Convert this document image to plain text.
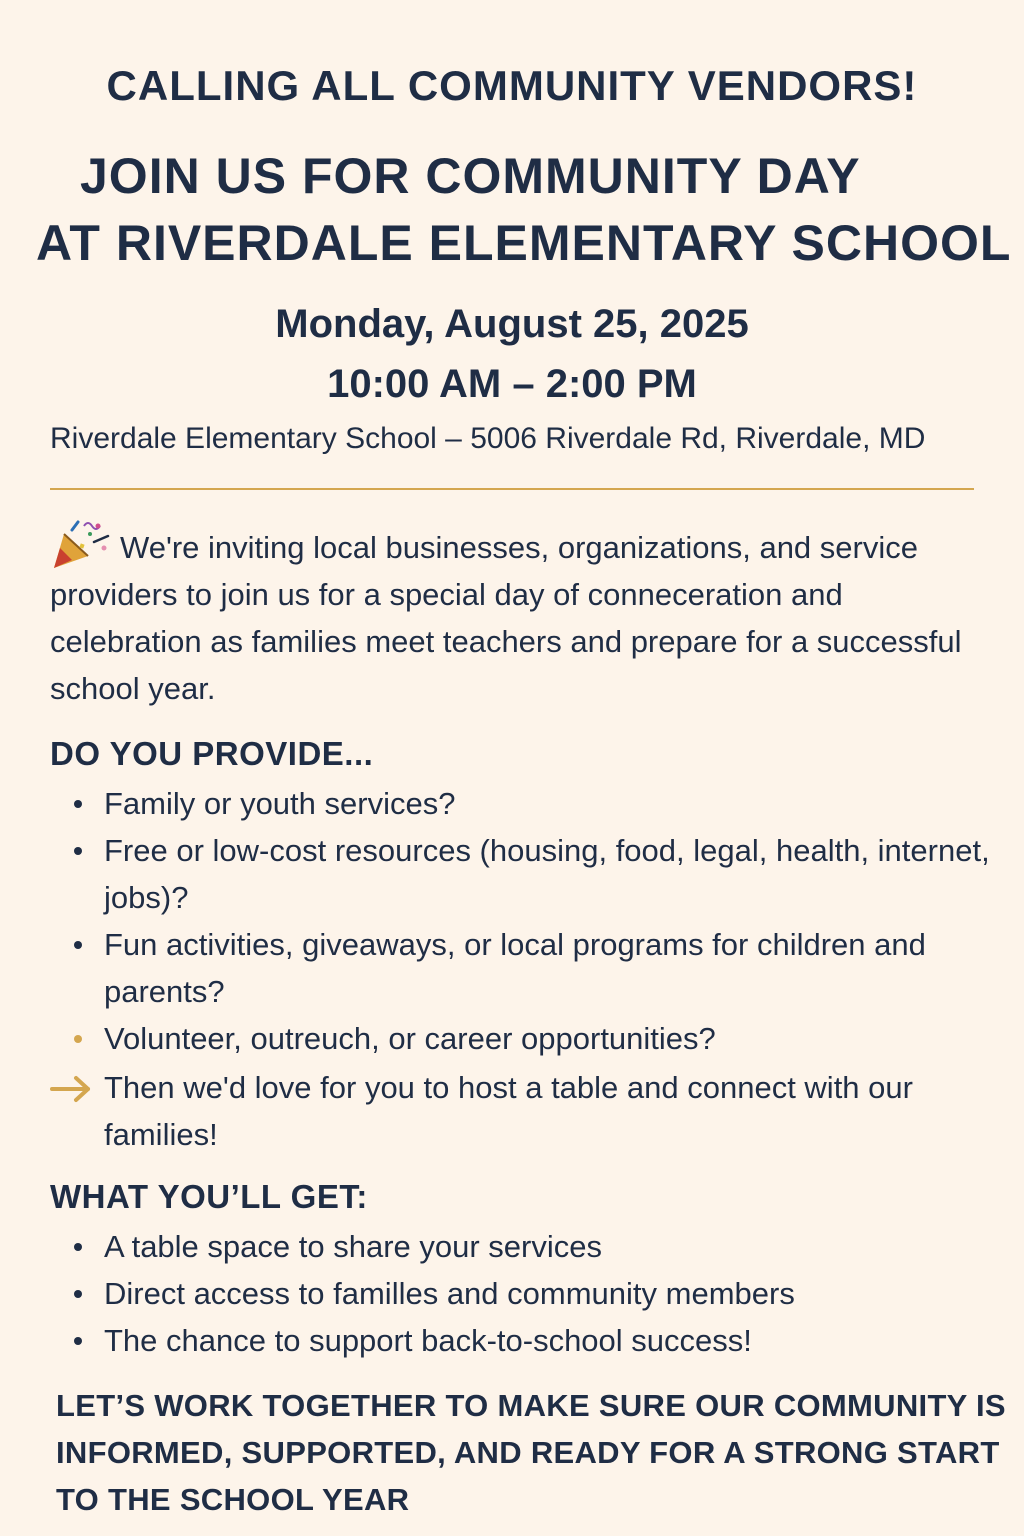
CALLING ALL COMMUNITY VENDORS!
JOIN US FOR COMMUNITY DAY
AT RIVERDALE ELEMENTARY SCHOOL
Monday, August 25, 2025
10:00 AM – 2:00 PM
Riverdale Elementary School – 5006 Riverdale Rd, Riverdale, MD

We're inviting local businesses, organizations, and service providers to join us for a special day of conneceration and celebration as families meet teachers and prepare for a successful school year.

DO YOU PROVIDE...
Family or youth services?
Free or low-cost resources (housing, food, legal, health, internet, jobs)?
Fun activities, giveaways, or local programs for children and parents?
Volunteer, outreuch, or career opportunities?
Then we'd love for you to host a table and connect with our families!
WHAT YOU’LL GET:
A table space to share your services
Direct access to familles and community members
The chance to support back-to-school success!

LET’S WORK TOGETHER TO MAKE SURE OUR COMMUNITY IS INFORMED, SUPPORTED, AND READY FOR A STRONG START TO THE SCHOOL YEAR
